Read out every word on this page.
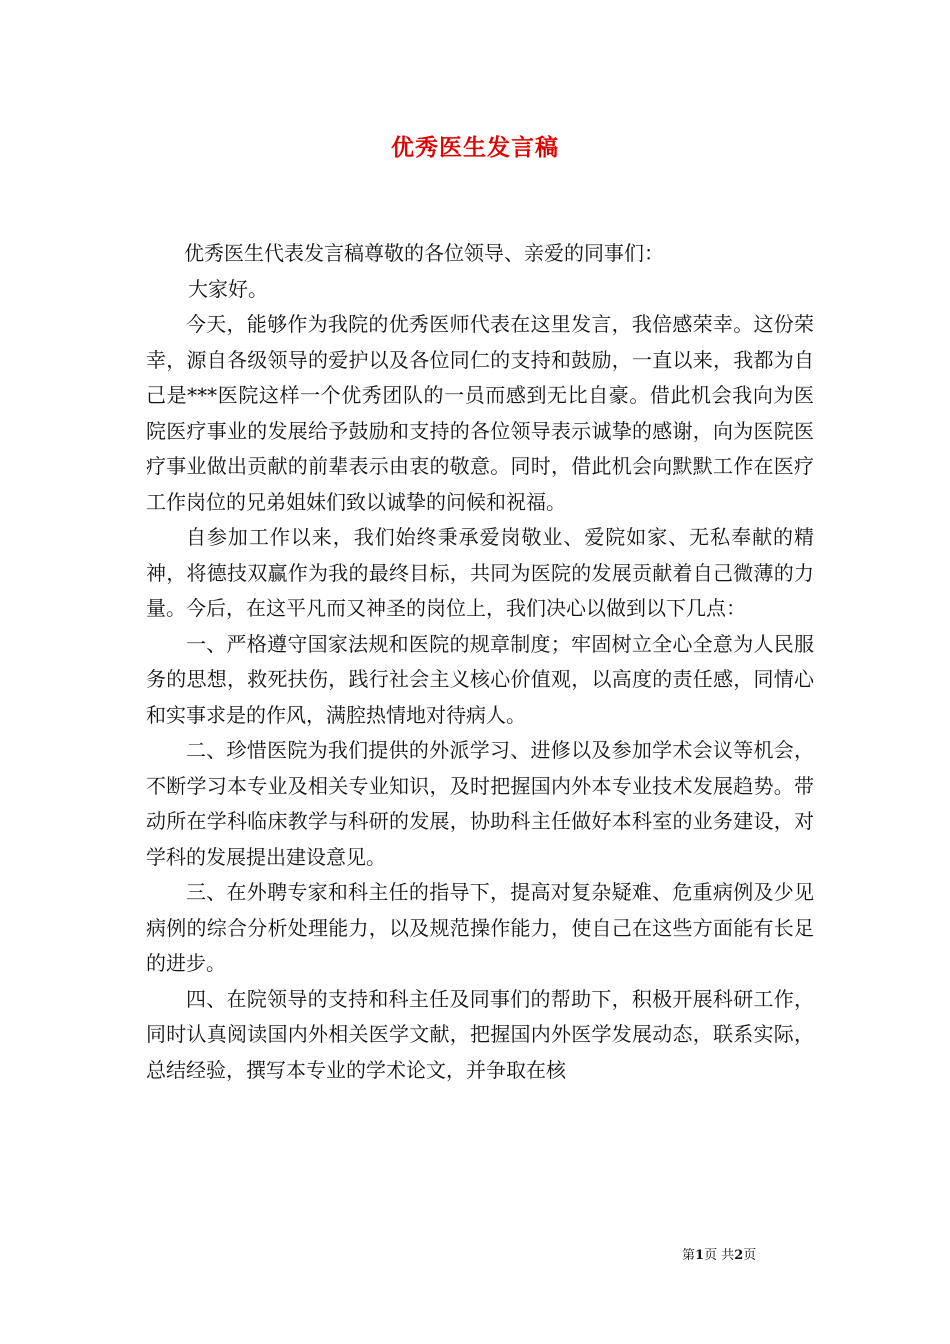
优秀医生发言稿

优秀医生代表发言稿尊敬的各位领导、亲爱的同事们：

大家好。

今天，能够作为我院的优秀医师代表在这里发言，我倍感荣幸。这份荣幸，源自各级领导的爱护以及各位同仁的支持和鼓励，一直以来，我都为自己是***医院这样一个优秀团队的一员而感到无比自豪。借此机会我向为医院医疗事业的发展给予鼓励和支持的各位领导表示诚挚的感谢，向为医院医疗事业做出贡献的前辈表示由衷的敬意。同时，借此机会向默默工作在医疗工作岗位的兄弟姐妹们致以诚挚的问候和祝福。

自参加工作以来，我们始终秉承爱岗敬业、爱院如家、无私奉献的精神，将德技双赢作为我的最终目标，共同为医院的发展贡献着自己微薄的力量。今后，在这平凡而又神圣的岗位上，我们决心以做到以下几点：

一、严格遵守国家法规和医院的规章制度；牢固树立全心全意为人民服务的思想，救死扶伤，践行社会主义核心价值观，以高度的责任感，同情心和实事求是的作风，满腔热情地对待病人。

二、珍惜医院为我们提供的外派学习、进修以及参加学术会议等机会，不断学习本专业及相关专业知识，及时把握国内外本专业技术发展趋势。带动所在学科临床教学与科研的发展，协助科主任做好本科室的业务建设，对学科的发展提出建设意见。

三、在外聘专家和科主任的指导下，提高对复杂疑难、危重病例及少见病例的综合分析处理能力，以及规范操作能力，使自己在这些方面能有长足的进步。

四、在院领导的支持和科主任及同事们的帮助下，积极开展科研工作，同时认真阅读国内外相关医学文献，把握国内外医学发展动态，联系实际，总结经验，撰写本专业的学术论文，并争取在核

第1页 共2页
